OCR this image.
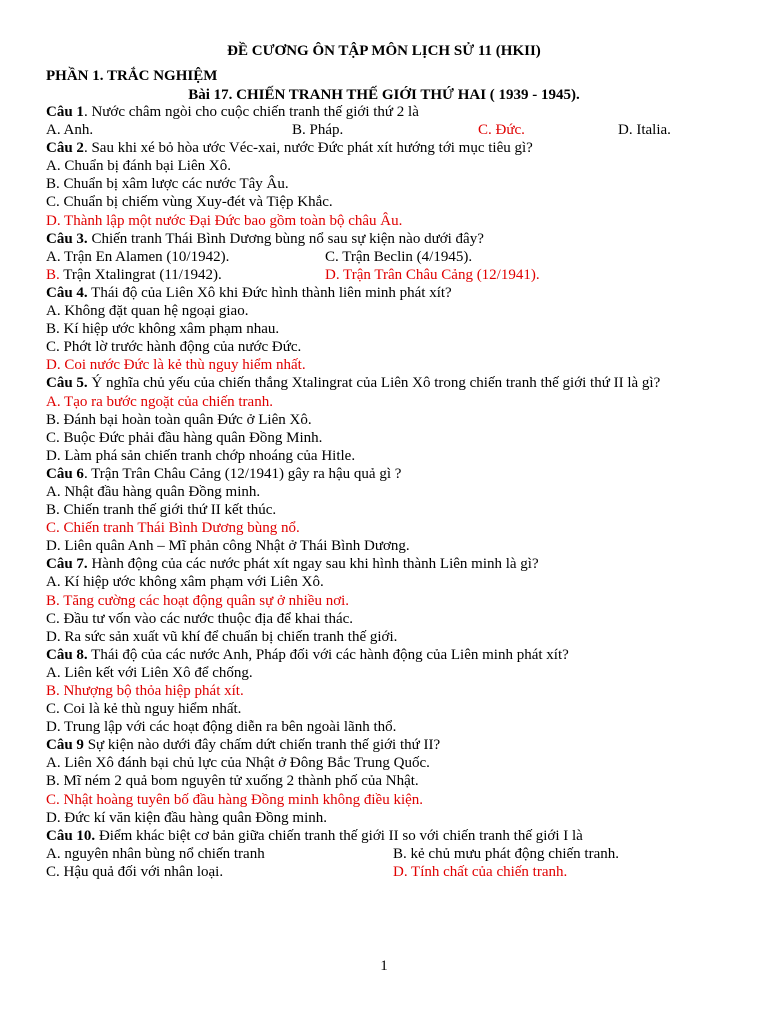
ĐỀ CƯƠNG ÔN TẬP MÔN LỊCH SỬ 11 (HKII)
PHẦN 1. TRẮC NGHIỆM
Bài 17. CHIẾN TRANH THẾ GIỚI THỨ HAI ( 1939 - 1945).
Câu 1. Nước châm ngòi cho cuộc chiến tranh thế giới thứ 2 là
A. Anh.	B. Pháp.	C. Đức.	D. Italia.
Câu 2. Sau khi xé bỏ hòa ước Véc-xai, nước Đức phát xít hướng tới mục tiêu gì?
A. Chuẩn bị đánh bại Liên Xô.
B. Chuẩn bị xâm lược các nước Tây Âu.
C. Chuẩn bị chiếm vùng Xuy-đét và Tiệp Khắc.
D. Thành lập một nước Đại Đức bao gồm toàn bộ châu Âu.
Câu 3. Chiến tranh Thái Bình Dương bùng nổ sau sự kiện nào dưới đây?
A. Trận En Alamen (10/1942).	C. Trận Beclin (4/1945).
B. Trận Xtalingrat (11/1942).	D. Trận Trân Châu Cảng (12/1941).
Câu 4. Thái độ của Liên Xô khi Đức hình thành liên minh phát xít?
A. Không đặt quan hệ ngoại giao.
B. Kí hiệp ước không xâm phạm nhau.
C. Phớt lờ trước hành động của nước Đức.
D. Coi nước Đức là kẻ thù nguy hiểm nhất.
Câu 5. Ý nghĩa chủ yếu của chiến thắng Xtalingrat của Liên Xô trong chiến tranh thế giới thứ II là gì?
A. Tạo ra bước ngoặt của chiến tranh.
B. Đánh bại hoàn toàn quân Đức ở Liên Xô.
C. Buộc Đức phải đầu hàng quân Đồng Minh.
D. Làm phá sản chiến tranh chớp nhoáng của Hitle.
Câu 6. Trận Trân Châu Cảng (12/1941) gây ra hậu quả gì ?
A. Nhật đầu hàng quân Đồng minh.
B. Chiến tranh thế giới thứ II kết thúc.
C. Chiến tranh Thái Bình Dương bùng nổ.
D. Liên quân Anh – Mĩ phản công Nhật ở Thái Bình Dương.
Câu 7. Hành động của các nước phát xít ngay sau khi hình thành Liên minh là gì?
A. Kí hiệp ước không xâm phạm với Liên Xô.
B. Tăng cường các hoạt động quân sự ở nhiều nơi.
C. Đầu tư vốn vào các nước thuộc địa để khai thác.
D. Ra sức sản xuất vũ khí để chuẩn bị chiến tranh thế giới.
Câu 8. Thái độ của các nước Anh, Pháp đối với các hành động của Liên minh phát xít?
A. Liên kết với Liên Xô để chống.
B. Nhượng bộ thỏa hiệp phát xít.
C. Coi là kẻ thù nguy hiểm nhất.
D. Trung lập với các hoạt động diễn ra bên ngoài lãnh thổ.
Câu 9 Sự kiện nào dưới đây chấm dứt chiến tranh thế giới thứ II?
A. Liên Xô đánh bại chủ lực của Nhật ở Đông Bắc Trung Quốc.
B. Mĩ ném 2 quả bom nguyên tử xuống 2 thành phố của Nhật.
C. Nhật hoàng tuyên bố đầu hàng Đồng minh không điều kiện.
D. Đức kí văn kiện đầu hàng quân Đồng minh.
Câu 10. Điểm khác biệt cơ bản giữa chiến tranh thế giới II so với chiến tranh thế giới I là
A. nguyên nhân bùng nổ chiến tranh	B. kẻ chủ mưu phát động chiến tranh.
C. Hậu quả đối với nhân loại.	D. Tính chất của chiến tranh.
1
